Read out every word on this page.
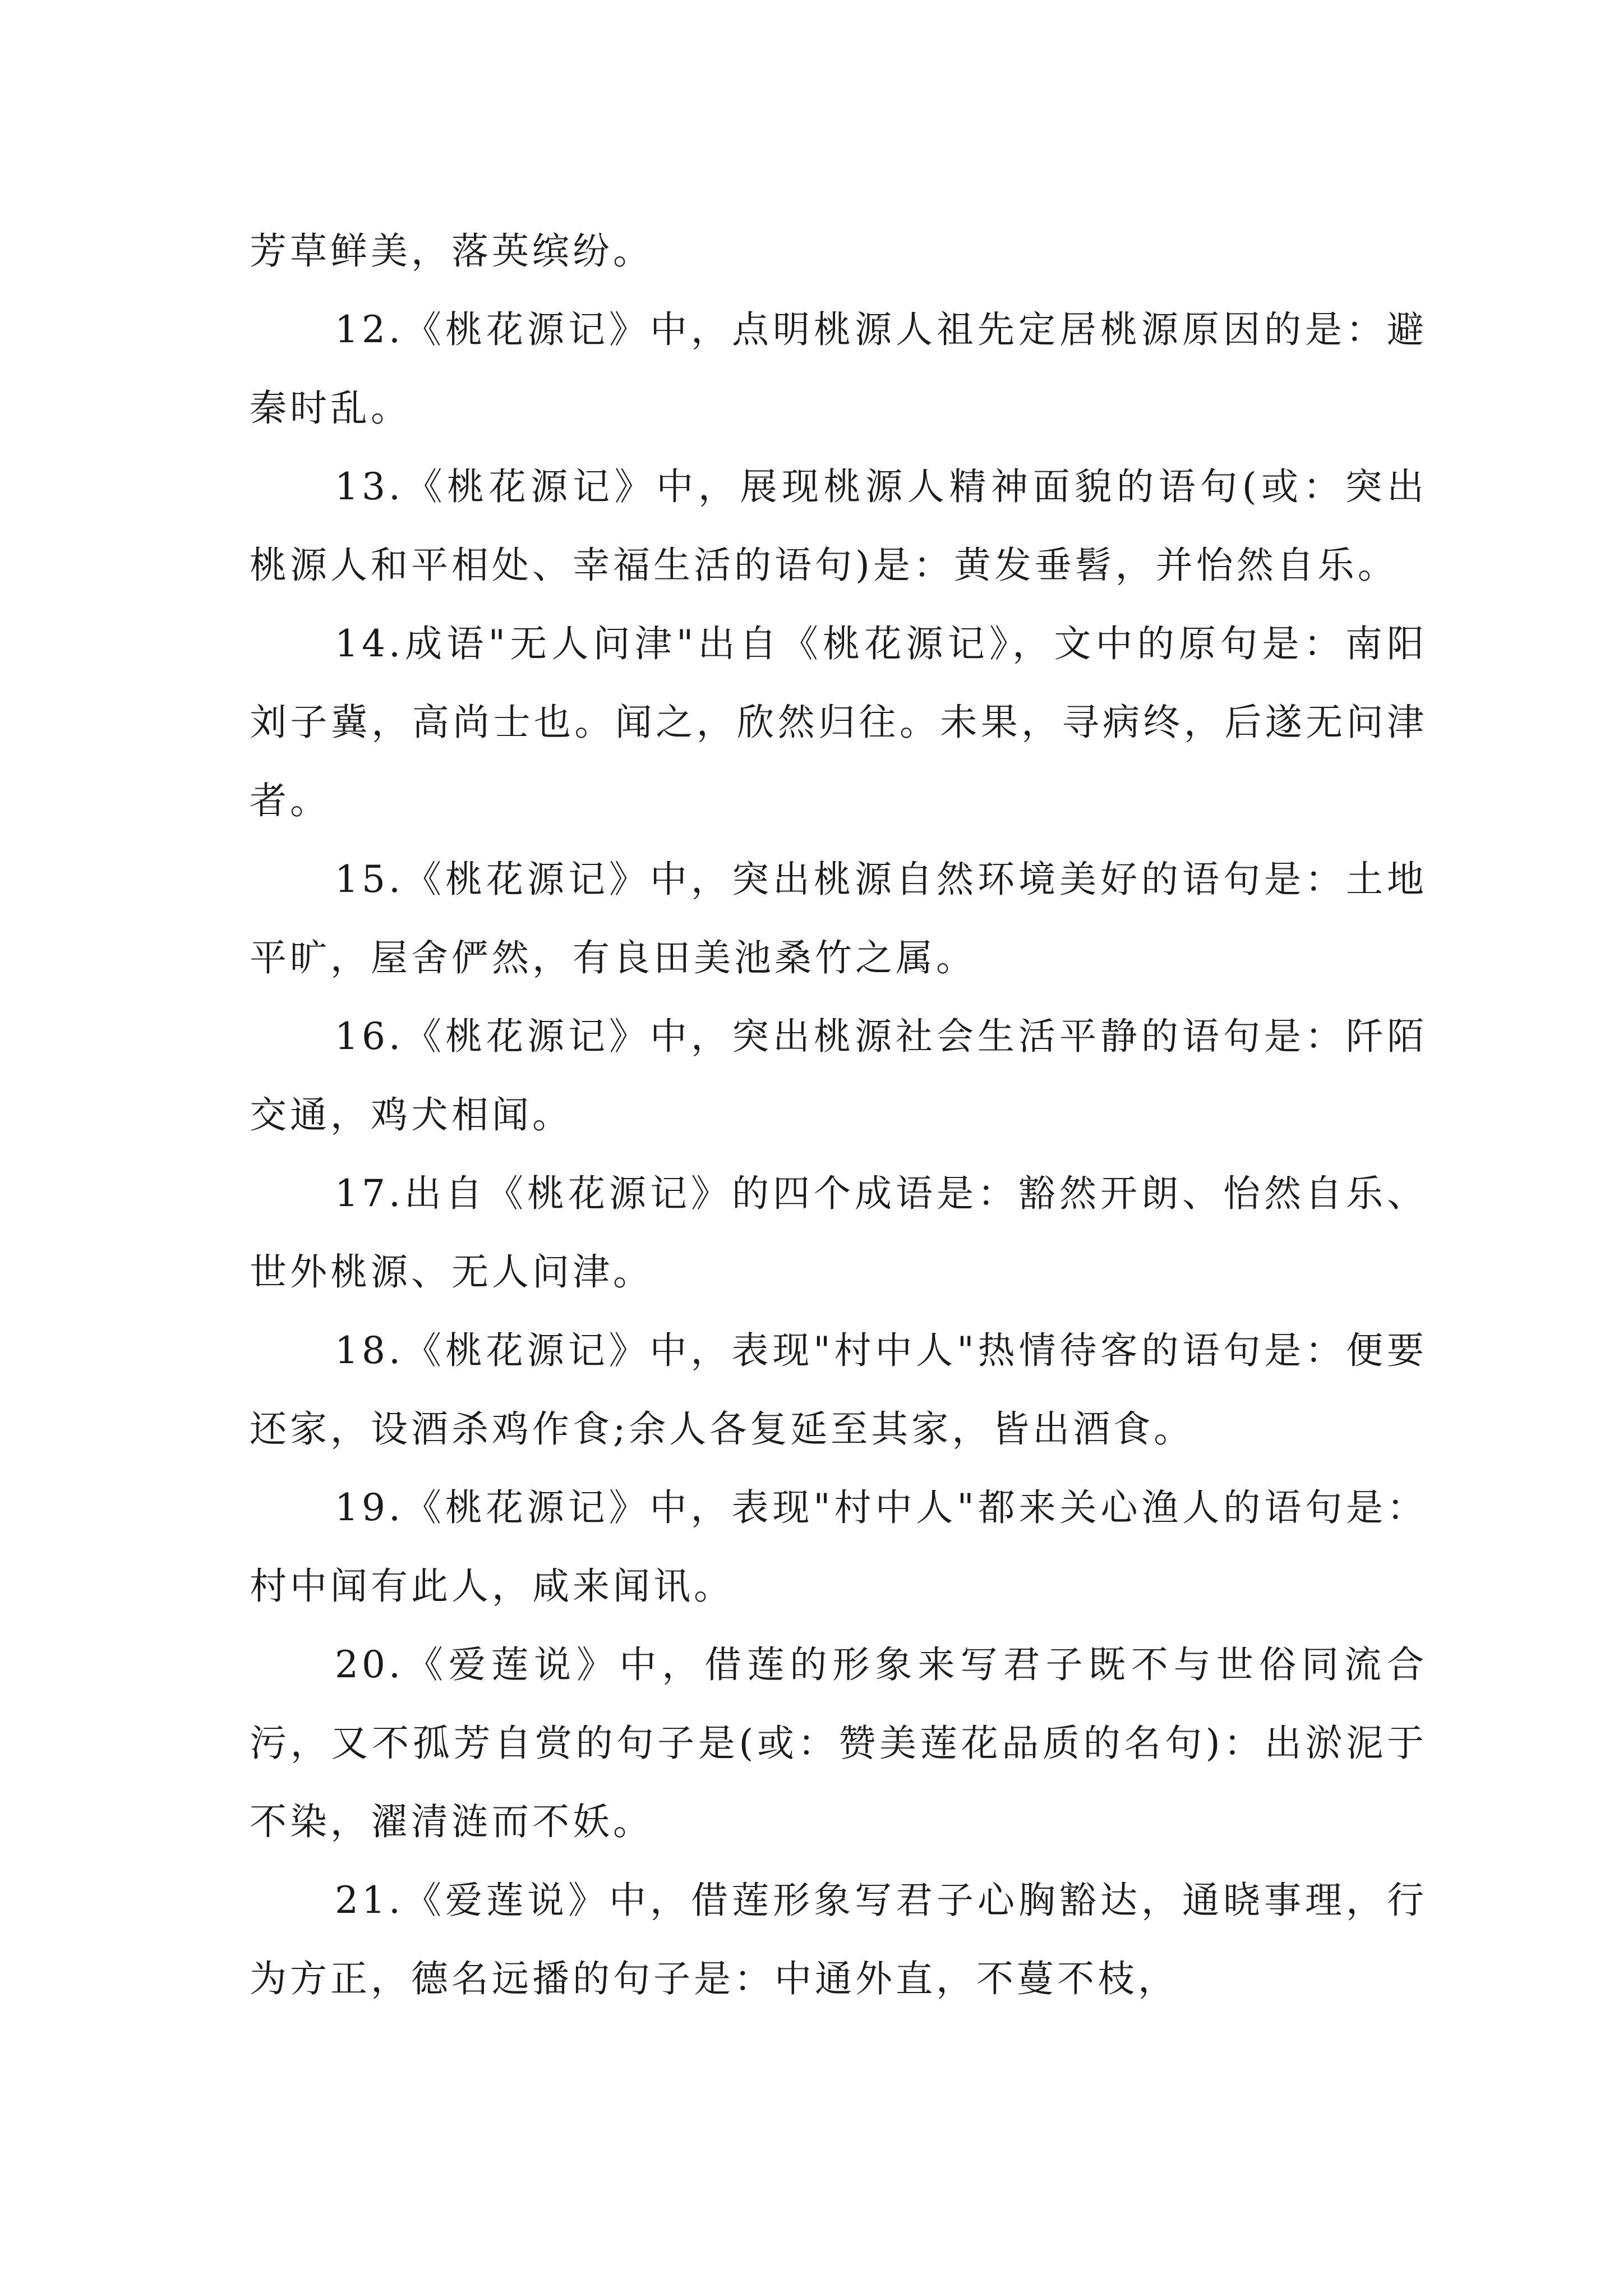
芳草鲜美，落英缤纷。

12.《桃花源记》中，点明桃源人祖先定居桃源原因的是：避秦时乱。

13.《桃花源记》中，展现桃源人精神面貌的语句(或：突出桃源人和平相处、幸福生活的语句)是：黄发垂髫，并怡然自乐。

14.成语"无人问津"出自《桃花源记》，文中的原句是：南阳刘子冀，高尚士也。闻之，欣然归往。未果，寻病终，后遂无问津者。

15.《桃花源记》中，突出桃源自然环境美好的语句是：土地平旷，屋舍俨然，有良田美池桑竹之属。

16.《桃花源记》中，突出桃源社会生活平静的语句是：阡陌交通，鸡犬相闻。

17.出自《桃花源记》的四个成语是：豁然开朗、怡然自乐、世外桃源、无人问津。

18.《桃花源记》中，表现"村中人"热情待客的语句是：便要还家，设酒杀鸡作食;余人各复延至其家，皆出酒食。

19.《桃花源记》中，表现"村中人"都来关心渔人的语句是：村中闻有此人，咸来闻讯。

20.《爱莲说》中，借莲的形象来写君子既不与世俗同流合污，又不孤芳自赏的句子是(或：赞美莲花品质的名句)：出淤泥于不染，濯清涟而不妖。

21.《爱莲说》中，借莲形象写君子心胸豁达，通晓事理，行为方正，德名远播的句子是：中通外直，不蔓不枝，
